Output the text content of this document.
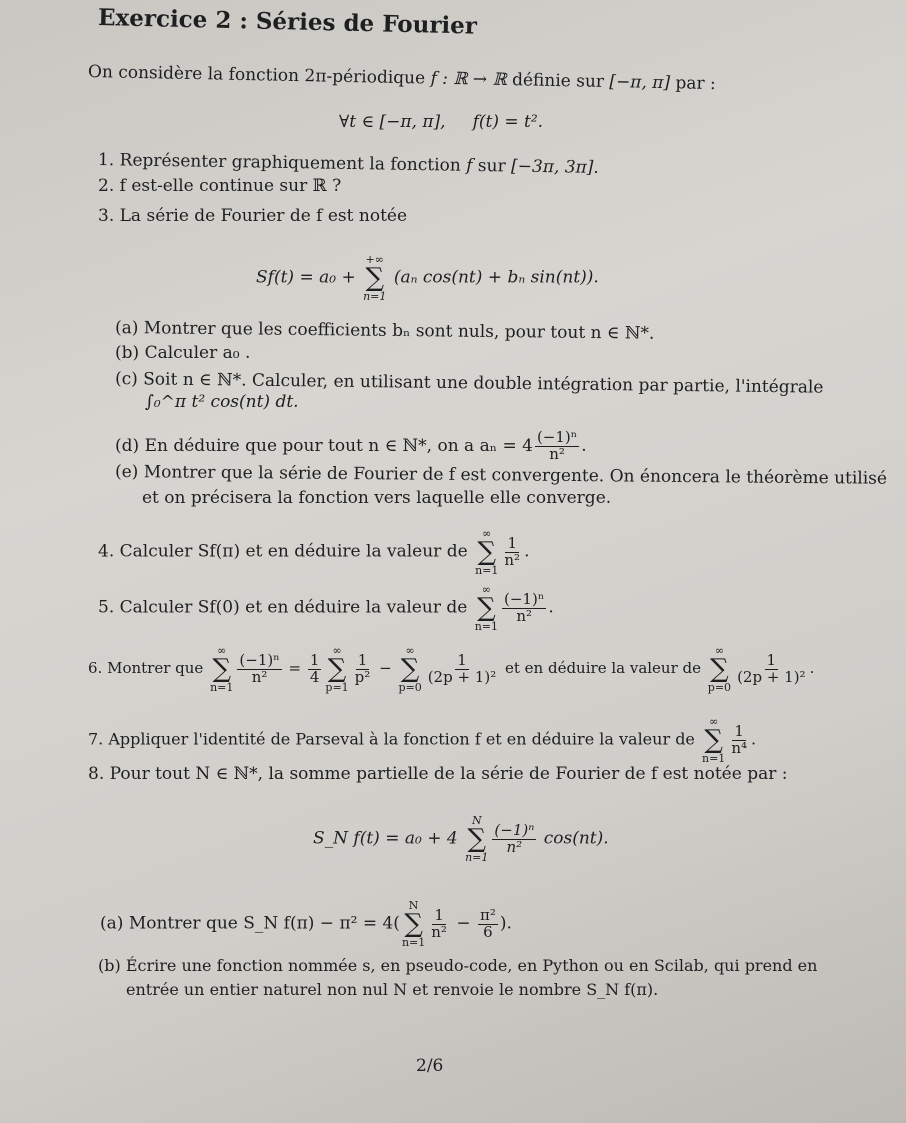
Exercice 2 : Séries de Fourier
On considère la fonction 2π-périodique f : ℝ → ℝ définie sur [−π, π] par :
∀t ∈ [−π, π], f(t) = t².
1. Représenter graphiquement la fonction f sur [−3π, 3π].
2. f est-elle continue sur ℝ ?
3. La série de Fourier de f est notée
Sf(t) = a₀ +
+∞
∑
n=1
(aₙ cos(nt) + bₙ sin(nt)).
(a) Montrer que les coefficients bₙ sont nuls, pour tout n ∈ ℕ*.
(b) Calculer a₀ .
(c) Soit n ∈ ℕ*. Calculer, en utilisant une double intégration par partie, l'intégrale
∫₀^π t² cos(nt) dt.
(d) En déduire que pour tout n ∈ ℕ*, on a $a_n = 4 \frac{\text{(−1)ⁿ}}{\text{n²}}$ .
(e) Montrer que la série de Fourier de f est convergente. On énoncera le théorème utilisé
et on précisera la fonction vers laquelle elle converge.
4. Calculer Sf(π) et en déduire la valeur de
∞
∑
n=1
$\frac{1}{\text{n²}}$ .
5. Calculer Sf(0) et en déduire la valeur de
∞
∑
n=1
$\frac{\text{(−1)ⁿ}}{\text{n²}}$ .
6. Montrer que
∞
∑
n=1
$\frac{\text{(−1)ⁿ}}{\text{n²}} = \frac{1}{4}$
∞
∑
p=1
$\frac{1}{\text{p²}}$ −
∞
∑
p=0
$\frac{1}{\text{(2p + 1)²}}$ et en déduire la valeur de
∞
∑
p=0
$\frac{1}{\text{(2p + 1)²}}$ .
7. Appliquer l'identité de Parseval à la fonction f et en déduire la valeur de
∞
∑
n=1
$\frac{1}{\text{n⁴}}$ .
8. Pour tout N ∈ ℕ*, la somme partielle de la série de Fourier de f est notée par :
S_N f(t) = a₀ + 4
N
∑
n=1
$\frac{\text{(−1)ⁿ}}{\text{n²}} \cos(nt)$.
(a) Montrer que S_N f(π) − π² = 4(
N
∑
n=1
$\frac{1}{\text{n²}} - \frac{\text{π²}}{6}$ ).
(b) Écrire une fonction nommée s, en pseudo-code, en Python ou en Scilab, qui prend en
entrée un entier naturel non nul N et renvoie le nombre S_N f(π).
2/6
